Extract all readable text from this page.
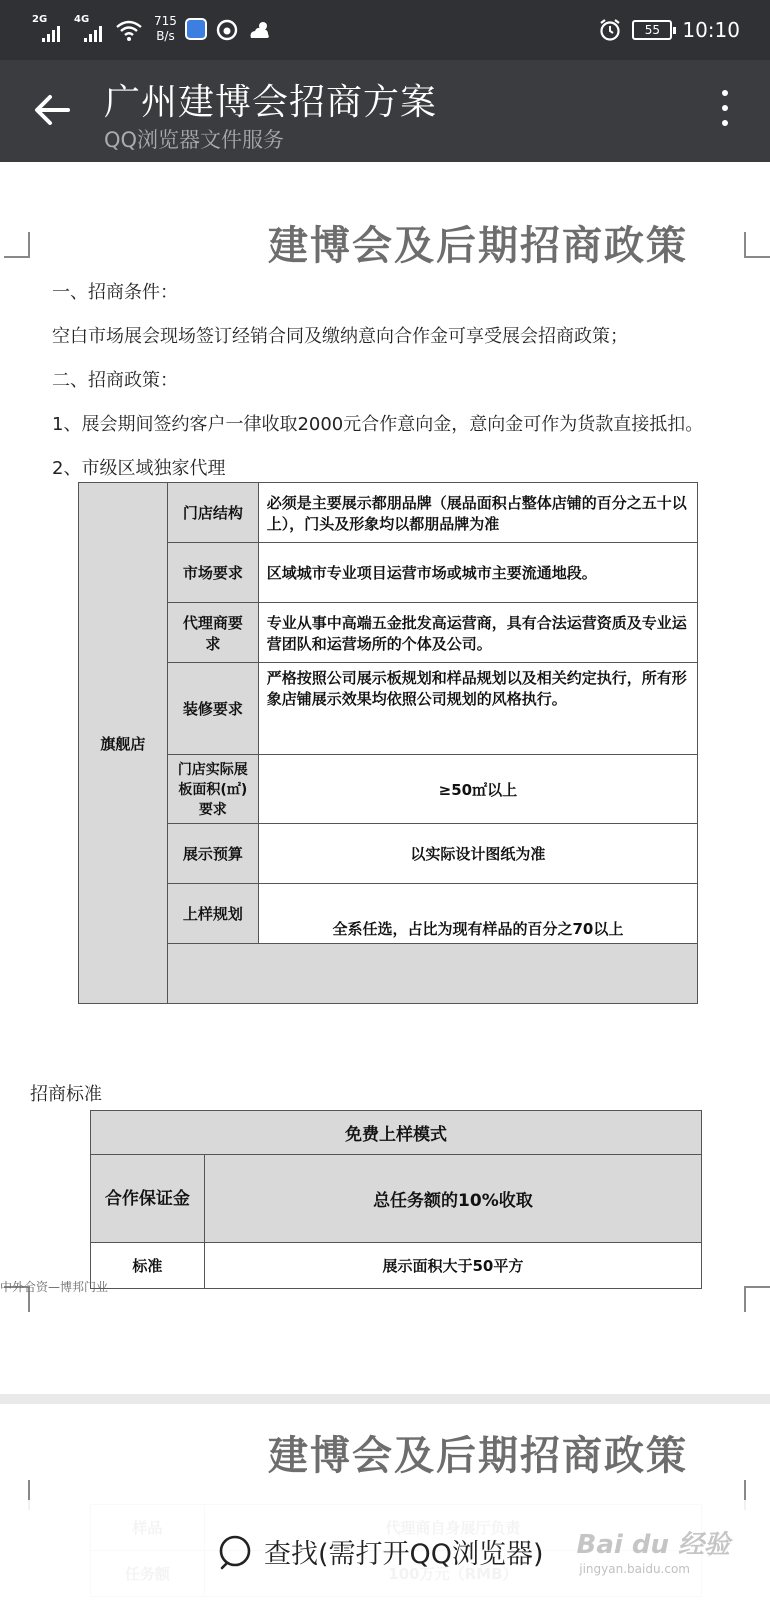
2G	4G	715
B/s	55	10:10
广州建博会招商方案
QQ浏览器文件服务
建博会及后期招商政策
一、招商条件：
空白市场展会现场签订经销合同及缴纳意向合作金可享受展会招商政策；
二、招商政策：
1、展会期间签约客户一律收取2000元合作意向金，意向金可作为货款直接抵扣。
2、市级区域独家代理
旗舰店	门店结构	必须是主要展示都朋品牌（展品面积占整体店铺的百分之五十以上），门头及形象均以都朋品牌为准
	市场要求	区域城市专业项目运营市场或城市主要流通地段。
	代理商要求	专业从事中高端五金批发高运营商，具有合法运营资质及专业运营团队和运营场所的个体及公司。
	装修要求	严格按照公司展示板规划和样品规划以及相关约定执行，所有形象店铺展示效果均依照公司规划的风格执行。
	门店实际展板面积(㎡)要求	≥50㎡以上
	展示预算	以实际设计图纸为准
	上样规划	全系任选，占比为现有样品的百分之70以上

招商标准
免费上样模式	
合作保证金	总任务额的10%收取
标准	展示面积大于50平方
中外合资—博邦门业
建博会及后期招商政策

查找(需打开QQ浏览器) Bai du 经验
jingyan.baidu.com
